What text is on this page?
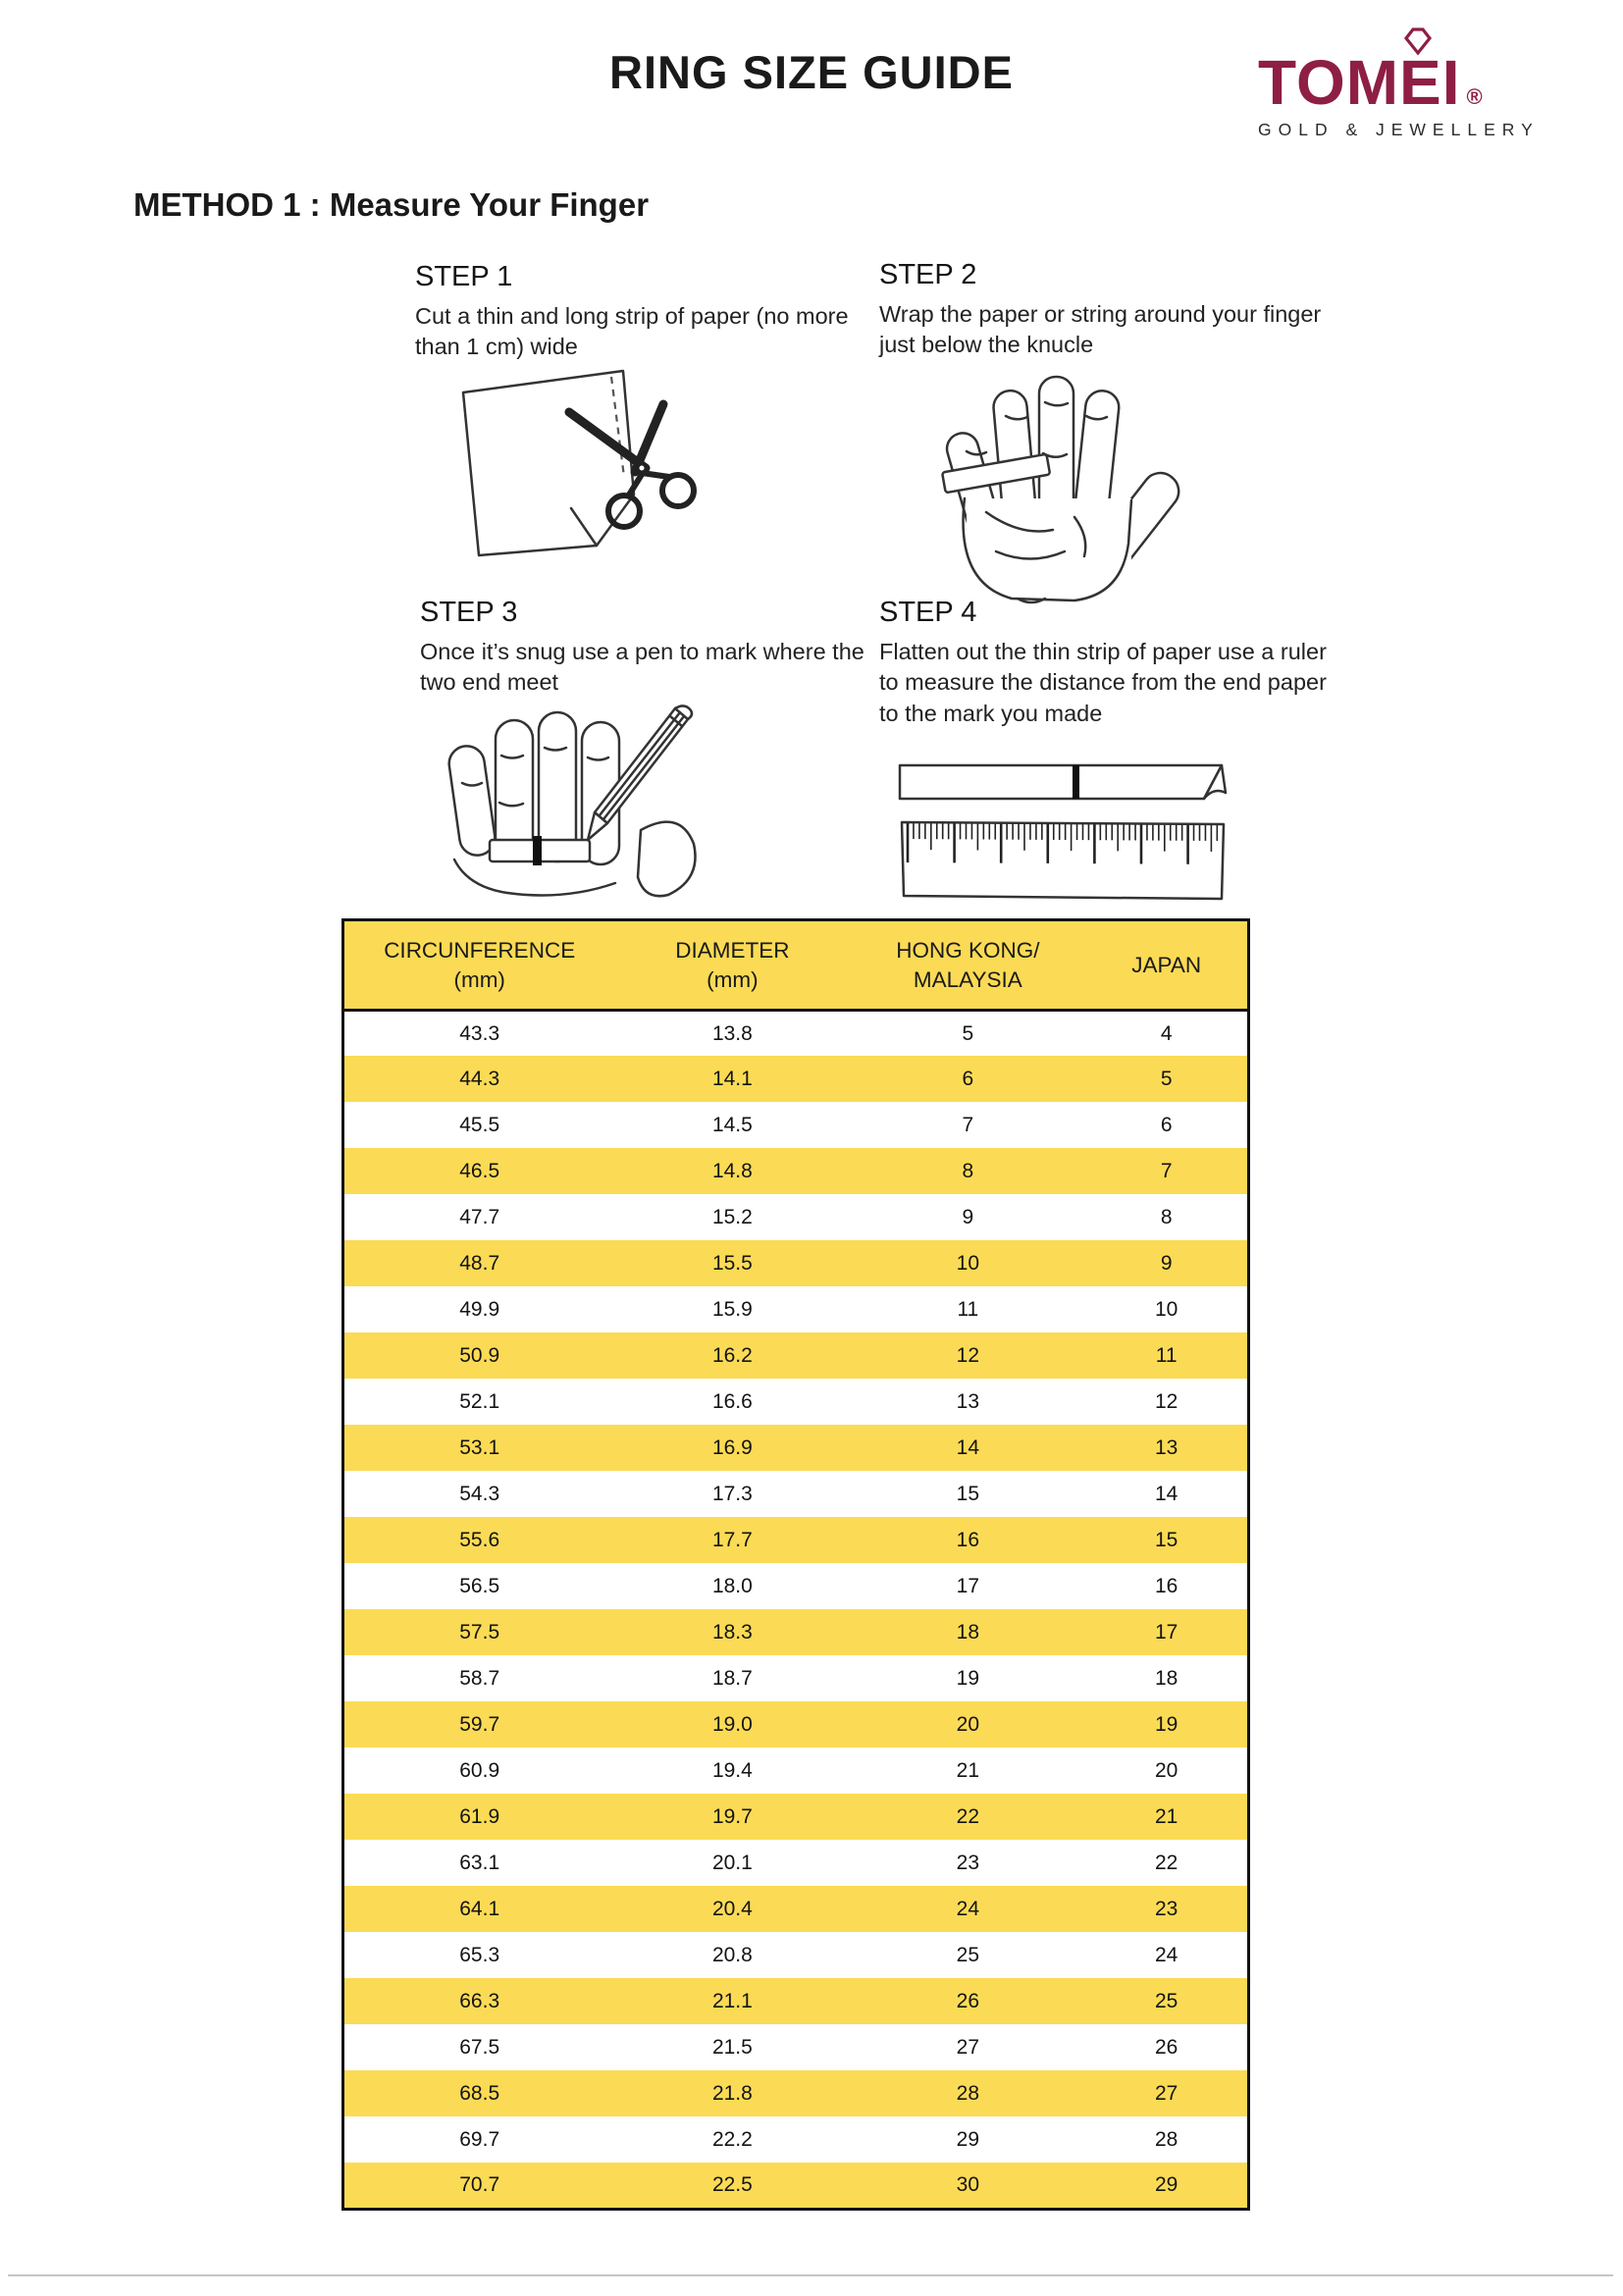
RING SIZE GUIDE	TOMEI ®
GOLD & JEWELLERY
METHOD 1 : Measure Your Finger
STEP 1
Cut a thin and long strip of paper (no more than 1 cm) wide
STEP 2
Wrap the paper or string around your finger just below the knucle
STEP 3
Once it’s snug use a pen to mark where the two end meet
STEP 4
Flatten out the thin strip of paper use a ruler to measure the distance from the end paper to the mark you made
CIRCUNFERENCE
(mm)

DIAMETER
(mm)

HONG KONG/
MALAYSIA

JAPAN

43.3	13.8	5	4
44.3	14.1	6	5
45.5	14.5	7	6
46.5	14.8	8	7
47.7	15.2	9	8
48.7	15.5	10	9
49.9	15.9	11	10
50.9	16.2	12	11
52.1	16.6	13	12
53.1	16.9	14	13
54.3	17.3	15	14
55.6	17.7	16	15
56.5	18.0	17	16
57.5	18.3	18	17
58.7	18.7	19	18
59.7	19.0	20	19
60.9	19.4	21	20
61.9	19.7	22	21
63.1	20.1	23	22
64.1	20.4	24	23
65.3	20.8	25	24
66.3	21.1	26	25
67.5	21.5	27	26
68.5	21.8	28	27
69.7	22.2	29	28
70.7	22.5	30	29
